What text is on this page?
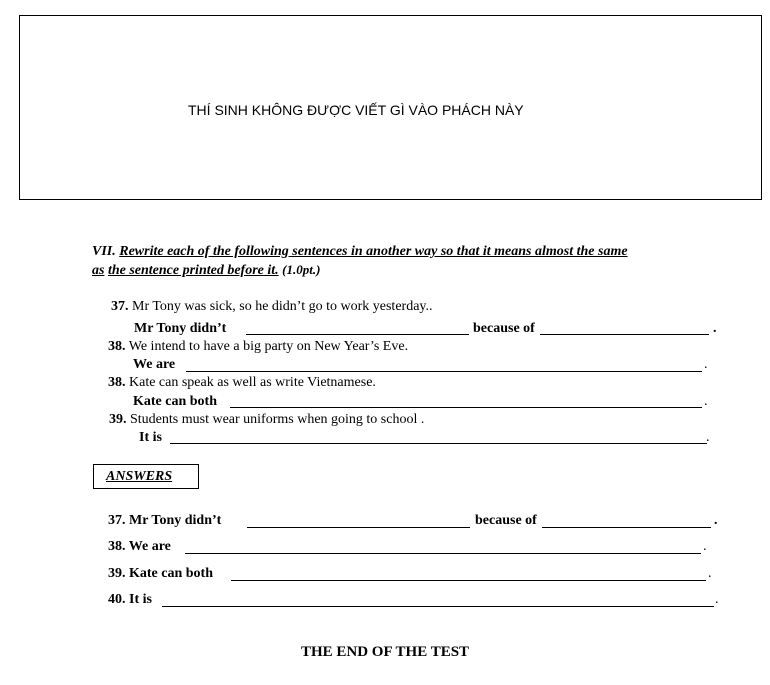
THÍ SINH KHÔNG ĐƯỢC VIẾT GÌ VÀO PHÁCH NÀY
VII. Rewrite each of the following sentences in another way so that it means almost the same
as the sentence printed before it. (1.0pt.)
37. Mr Tony was sick, so he didn’t go to work yesterday..
Mr Tony didn’t	because of	.
38. We intend to have a big party on New Year’s Eve.
We are	.
38. Kate can speak as well as write Vietnamese.
Kate can both	.
39. Students must wear uniforms when going to school .
It is	.
ANSWERS
37. Mr Tony didn’t	because of	.
38. We are	.
39. Kate can both	.
40. It is	.
THE END OF THE TEST
